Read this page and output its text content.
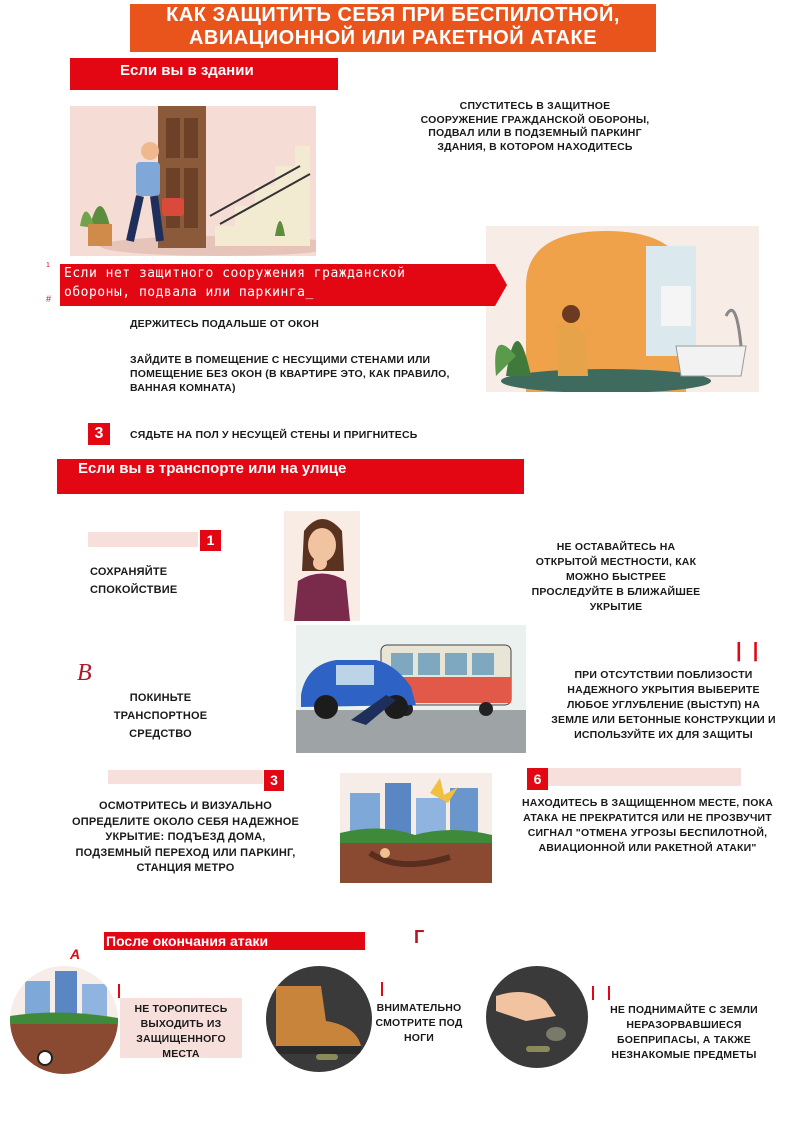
КАК ЗАЩИТИТЬ СЕБЯ ПРИ БЕСПИЛОТНОЙ,
АВИАЦИОННОЙ ИЛИ РАКЕТНОЙ АТАКЕ
Если вы в здании
СПУСТИТЕСЬ В ЗАЩИТНОЕ СООРУЖЕНИЕ ГРАЖДАНСКОЙ ОБОРОНЫ, ПОДВАЛ ИЛИ В ПОДЗЕМНЫЙ ПАРКИНГ ЗДАНИЯ, В КОТОРОМ НАХОДИТЕСЬ
Если нет защитного сооружения гражданской
обороны, подвала или паркинга_
1
#
ДЕРЖИТЕСЬ ПОДАЛЬШЕ ОТ ОКОН
ЗАЙДИТЕ В ПОМЕЩЕНИЕ С НЕСУЩИМИ СТЕНАМИ ИЛИ ПОМЕЩЕНИЕ БЕЗ ОКОН (В КВАРТИРЕ ЭТО, КАК ПРАВИЛО, ВАННАЯ КОМНАТА)
3	СЯДЬТЕ НА ПОЛ У НЕСУЩЕЙ СТЕНЫ И ПРИГНИТЕСЬ
Если вы в транспорте или на улице
1
СОХРАНЯЙТЕ СПОКОЙСТВИЕ
НЕ ОСТАВАЙТЕСЬ НА ОТКРЫТОЙ МЕСТНОСТИ, КАК МОЖНО БЫСТРЕЕ ПРОСЛЕДУЙТЕ В БЛИЖАЙШЕЕ УКРЫТИЕ
В
ПОКИНЬТЕ ТРАНСПОРТНОЕ СРЕДСТВО
|  |
ПРИ ОТСУТСТВИИ ПОБЛИЗОСТИ НАДЕЖНОГО УКРЫТИЯ ВЫБЕРИТЕ ЛЮБОЕ УГЛУБЛЕНИЕ (ВЫСТУП) НА ЗЕМЛЕ ИЛИ БЕТОННЫЕ КОНСТРУКЦИИ И ИСПОЛЬЗУЙТЕ ИХ ДЛЯ ЗАЩИТЫ
3
ОСМОТРИТЕСЬ И ВИЗУАЛЬНО ОПРЕДЕЛИТЕ ОКОЛО СЕБЯ НАДЕЖНОЕ УКРЫТИЕ: ПОДЪЕЗД ДОМА, ПОДЗЕМНЫЙ ПЕРЕХОД ИЛИ ПАРКИНГ, СТАНЦИЯ МЕТРО
6
НАХОДИТЕСЬ В ЗАЩИЩЕННОМ МЕСТЕ, ПОКА АТАКА НЕ ПРЕКРАТИТСЯ ИЛИ НЕ ПРОЗВУЧИТ СИГНАЛ "ОТМЕНА УГРОЗЫ БЕСПИЛОТНОЙ, АВИАЦИОННОЙ ИЛИ РАКЕТНОЙ АТАКИ"
После окончания атаки	Г
А
НЕ ТОРОПИТЕСЬ ВЫХОДИТЬ ИЗ ЗАЩИЩЕННОГО МЕСТА
ВНИМАТЕЛЬНО СМОТРИТЕ ПОД НОГИ
НЕ ПОДНИМАЙТЕ С ЗЕМЛИ НЕРАЗОРВАВШИЕСЯ БОЕПРИПАСЫ, А ТАКЖЕ НЕЗНАКОМЫЕ ПРЕДМЕТЫ
